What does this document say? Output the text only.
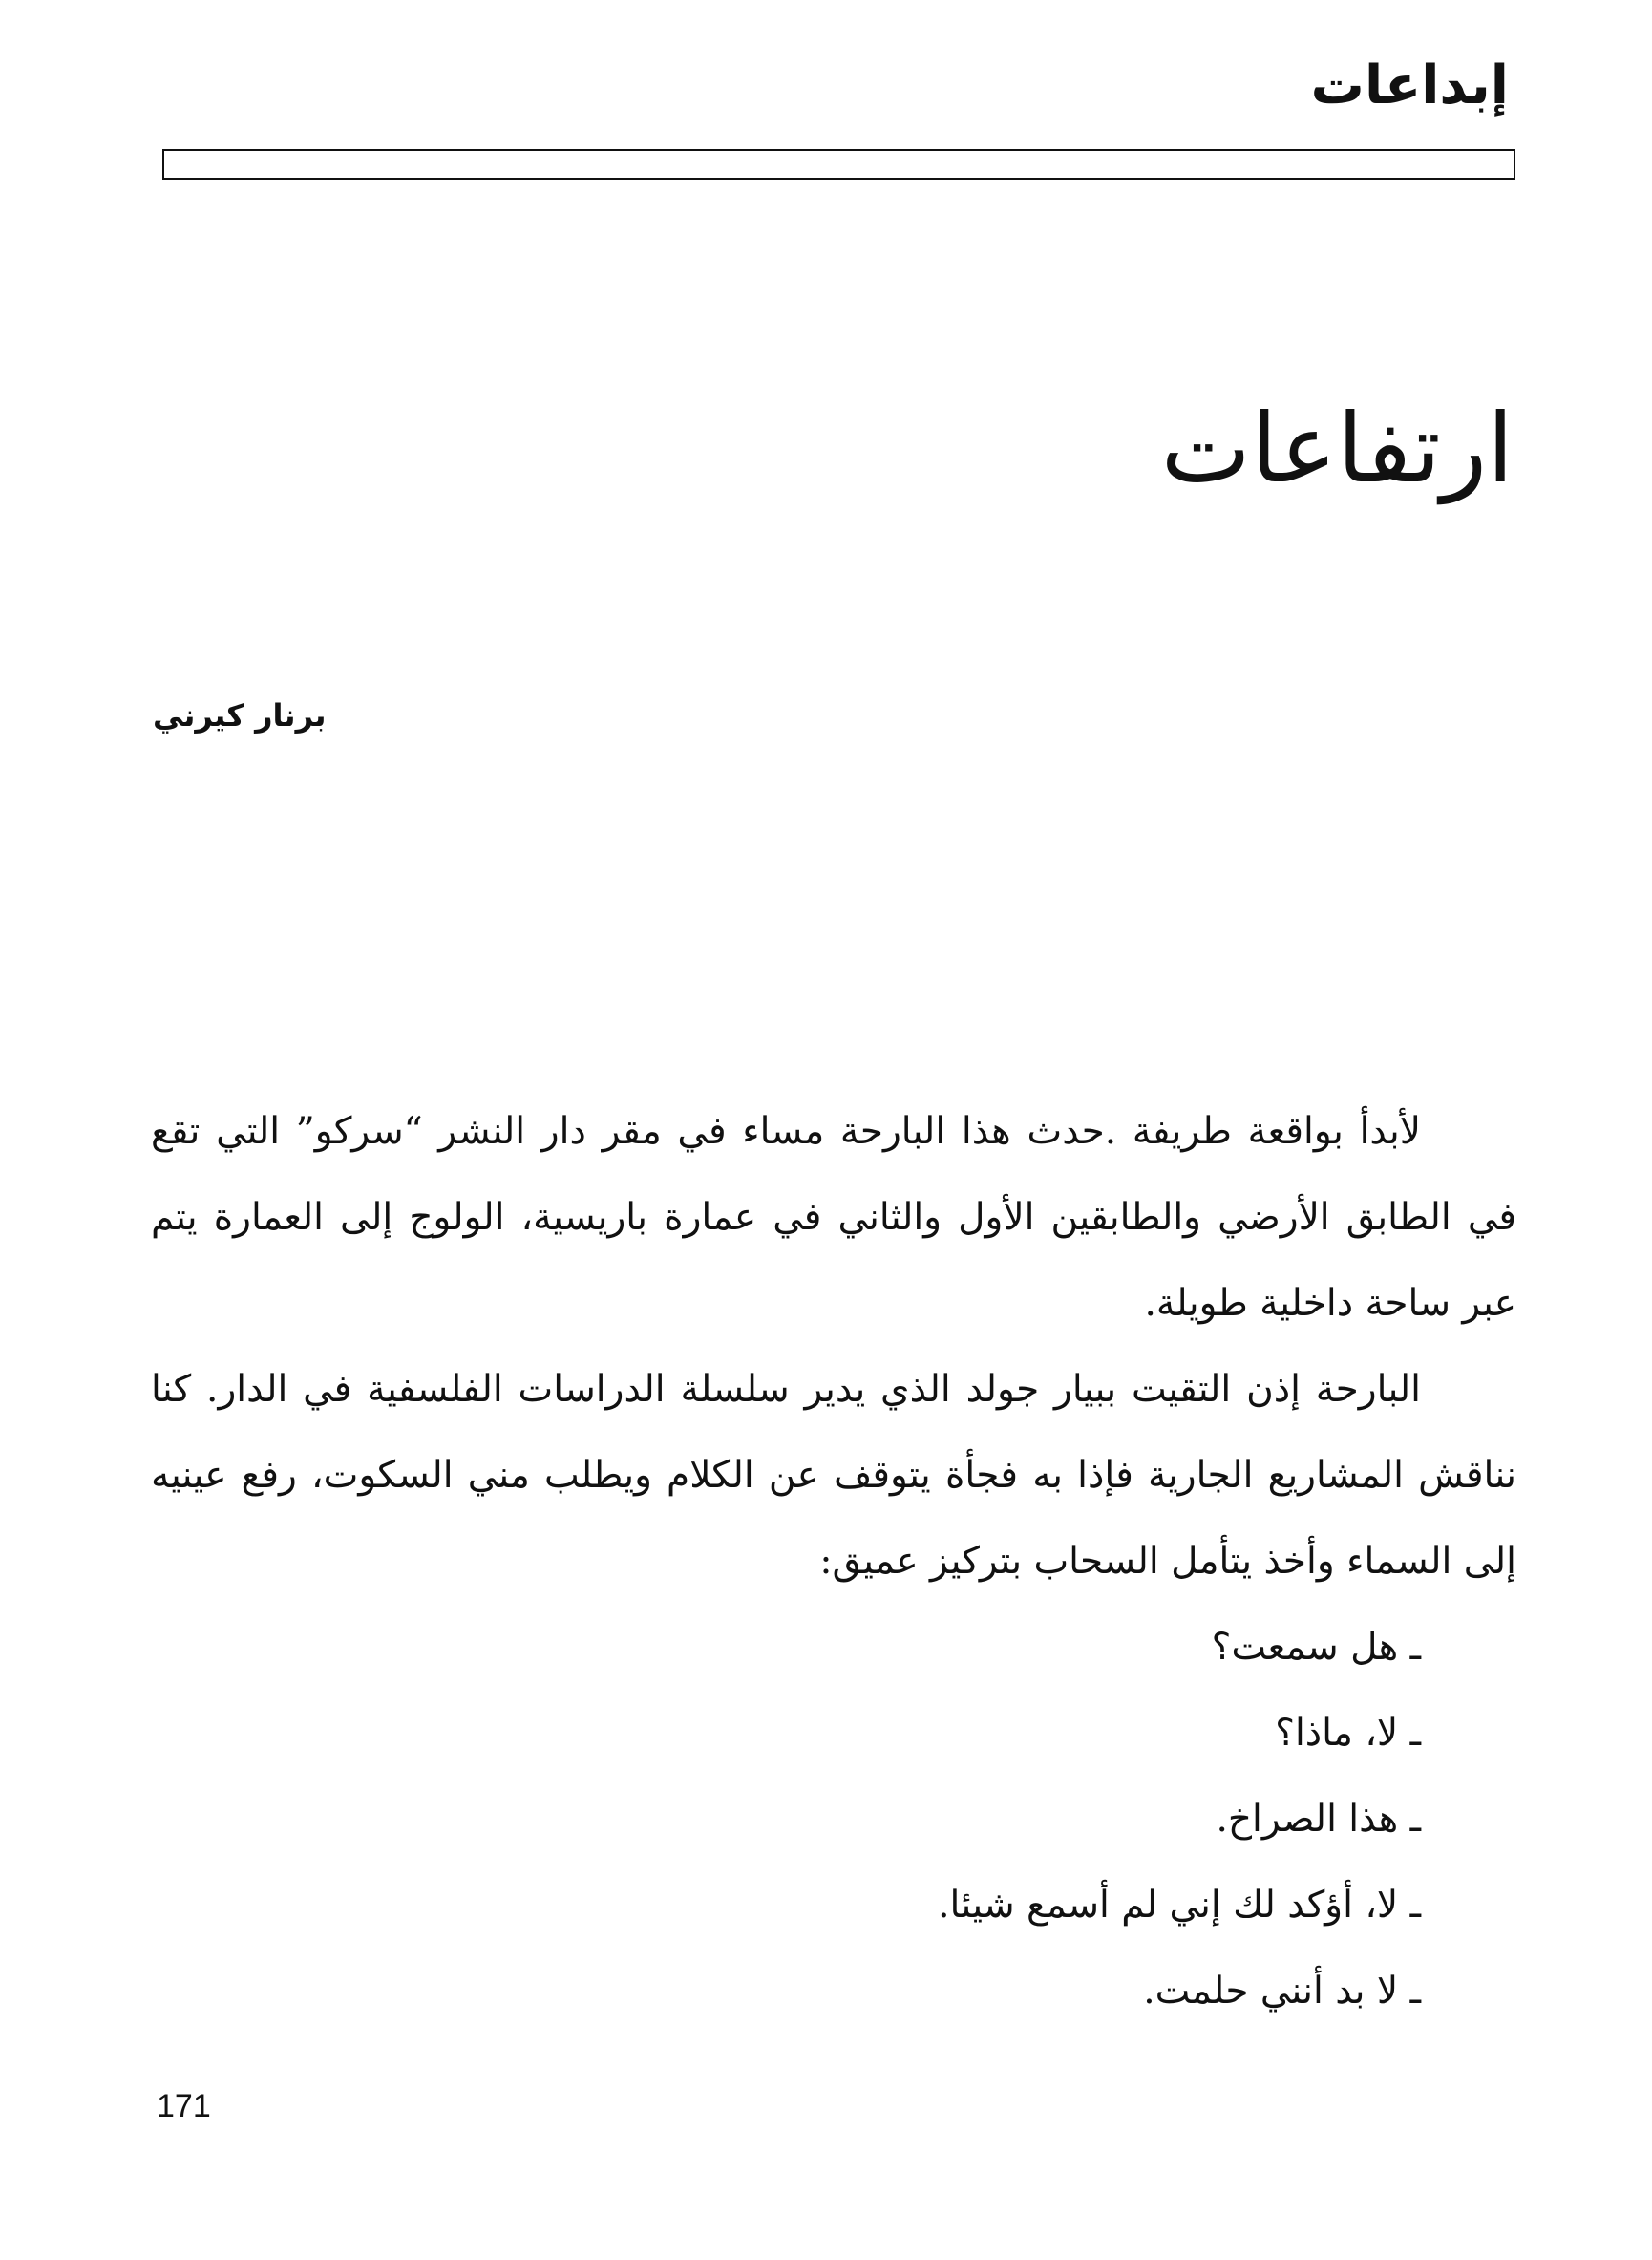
إبداعات
ارتفاعات

برنار كيرني

لأبدأ بواقعة طريفة .حدث هذا البارحة مساء في مقر دار النشر “سركو” التي تقع في الطابق الأرضي والطابقين الأول والثاني في عمارة باريسية، الولوج إلى العمارة يتم عبر ساحة داخلية طويلة.

البارحة إذن التقيت ببيار جولد الذي يدير سلسلة الدراسات الفلسفية في الدار. كنا نناقش المشاريع الجارية فإذا به فجأة يتوقف عن الكلام ويطلب مني السكوت، رفع عينيه إلى السماء وأخذ يتأمل السحاب بتركيز عميق:

ـ هل سمعت؟
ـ لا، ماذا؟
ـ هذا الصراخ.
ـ لا، أؤكد لك إني لم أسمع شيئا.
ـ لا بد أنني حلمت.
171
